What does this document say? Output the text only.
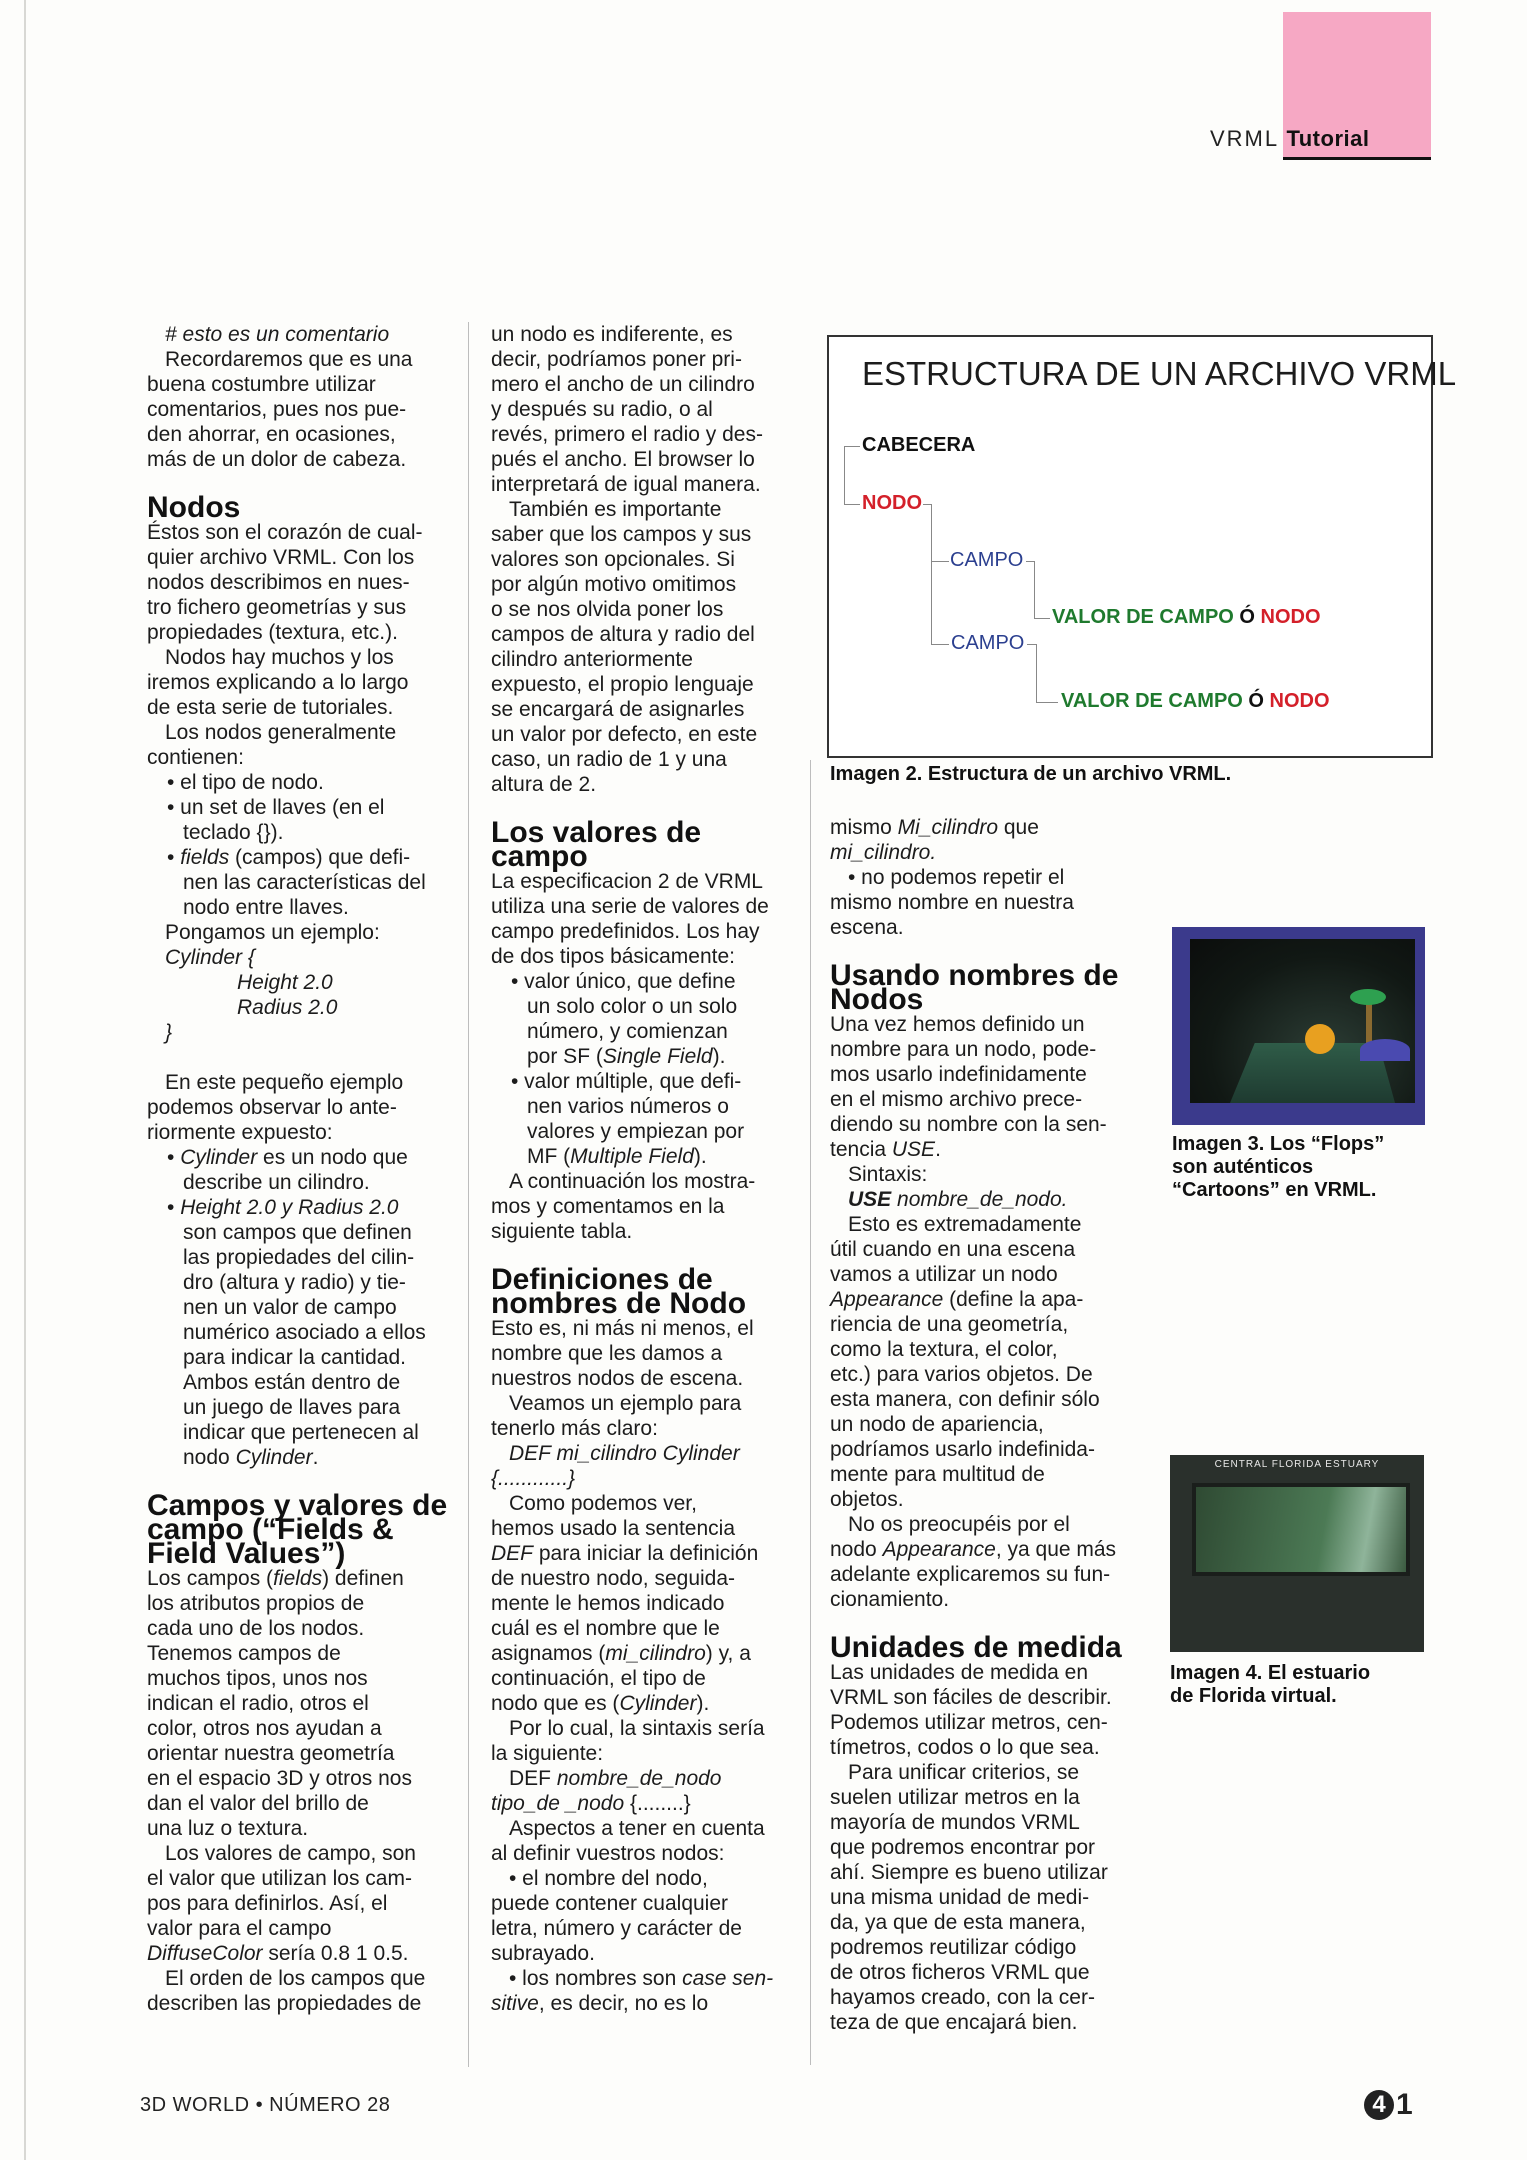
VRML Tutorial
# esto es un comentario
Recordaremos que es una
buena costumbre utilizar
comentarios, pues nos pue-
den ahorrar, en ocasiones,
más de un dolor de cabeza.
Nodos
Éstos son el corazón de cual-
quier archivo VRML. Con los
nodos describimos en nues-
tro fichero geometrías y sus
propiedades (textura, etc.).
Nodos hay muchos y los
iremos explicando a lo largo
de esta serie de tutoriales.
Los nodos generalmente
contienen:
• el tipo de nodo.
• un set de llaves (en el
teclado {}).
• fields (campos) que defi-
nen las características del
nodo entre llaves.
Pongamos un ejemplo:
Cylinder {
Height 2.0
Radius 2.0
}
En este pequeño ejemplo
podemos observar lo ante-
riormente expuesto:
• Cylinder es un nodo que
describe un cilindro.
• Height 2.0 y Radius 2.0
son campos que definen
las propiedades del cilin-
dro (altura y radio) y tie-
nen un valor de campo
numérico asociado a ellos
para indicar la cantidad.
Ambos están dentro de
un juego de llaves para
indicar que pertenecen al
nodo Cylinder.
Campos y valores de
campo (“Fields &
Field Values”)
Los campos (fields) definen
los atributos propios de
cada uno de los nodos.
Tenemos campos de
muchos tipos, unos nos
indican el radio, otros el
color, otros nos ayudan a
orientar nuestra geometría
en el espacio 3D y otros nos
dan el valor del brillo de
una luz o textura.
Los valores de campo, son
el valor que utilizan los cam-
pos para definirlos. Así, el
valor para el campo
DiffuseColor sería 0.8 1 0.5.
El orden de los campos que
describen las propiedades de
un nodo es indiferente, es
decir, podríamos poner pri-
mero el ancho de un cilindro
y después su radio, o al
revés, primero el radio y des-
pués el ancho. El browser lo
interpretará de igual manera.
También es importante
saber que los campos y sus
valores son opcionales. Si
por algún motivo omitimos
o se nos olvida poner los
campos de altura y radio del
cilindro anteriormente
expuesto, el propio lenguaje
se encargará de asignarles
un valor por defecto, en este
caso, un radio de 1 y una
altura de 2.
Los valores de
campo
La especificacion 2 de VRML
utiliza una serie de valores de
campo predefinidos. Los hay
de dos tipos básicamente:
• valor único, que define
un solo color o un solo
número, y comienzan
por SF (Single Field).
• valor múltiple, que defi-
nen varios números o
valores y empiezan por
MF (Multiple Field).
A continuación los mostra-
mos y comentamos en la
siguiente tabla.
Definiciones de
nombres de Nodo
Esto es, ni más ni menos, el
nombre que les damos a
nuestros nodos de escena.
Veamos un ejemplo para
tenerlo más claro:
DEF mi_cilindro Cylinder
{............}
Como podemos ver,
hemos usado la sentencia
DEF para iniciar la definición
de nuestro nodo, seguida-
mente le hemos indicado
cuál es el nombre que le
asignamos (mi_cilindro) y, a
continuación, el tipo de
nodo que es (Cylinder).
Por lo cual, la sintaxis sería
la siguiente:
DEF nombre_de_nodo
tipo_de _nodo {........}
Aspectos a tener en cuenta
al definir vuestros nodos:
• el nombre del nodo,
puede contener cualquier
letra, número y carácter de
subrayado.
• los nombres son case sen-
sitive, es decir, no es lo
mismo Mi_cilindro que
mi_cilindro.
• no podemos repetir el
mismo nombre en nuestra
escena.
Usando nombres de
Nodos
Una vez hemos definido un
nombre para un nodo, pode-
mos usarlo indefinidamente
en el mismo archivo prece-
diendo su nombre con la sen-
tencia USE.
Sintaxis:
USE nombre_de_nodo.
Esto es extremadamente
útil cuando en una escena
vamos a utilizar un nodo
Appearance (define la apa-
riencia de una geometría,
como la textura, el color,
etc.) para varios objetos. De
esta manera, con definir sólo
un nodo de apariencia,
podríamos usarlo indefinida-
mente para multitud de
objetos.
No os preocupéis por el
nodo Appearance, ya que más
adelante explicaremos su fun-
cionamiento.
Unidades de medida
Las unidades de medida en
VRML son fáciles de describir.
Podemos utilizar metros, cen-
tímetros, codos o lo que sea.
Para unificar criterios, se
suelen utilizar metros en la
mayoría de mundos VRML
que podremos encontrar por
ahí. Siempre es bueno utilizar
una misma unidad de medi-
da, ya que de esta manera,
podremos reutilizar código
de otros ficheros VRML que
hayamos creado, con la cer-
teza de que encajará bien.
ESTRUCTURA DE UN ARCHIVO VRML
CABECERA
NODO
CAMPO
CAMPO
VALOR DE CAMPO Ó NODO
VALOR DE CAMPO Ó NODO
Imagen 2. Estructura de un archivo VRML.
Imagen 3. Los “Flops”
son auténticos
“Cartoons” en VRML.
CENTRAL FLORIDA ESTUARY
Imagen 4. El estuario
de Florida virtual.
3D WORLD • NÚMERO 28	4 1
